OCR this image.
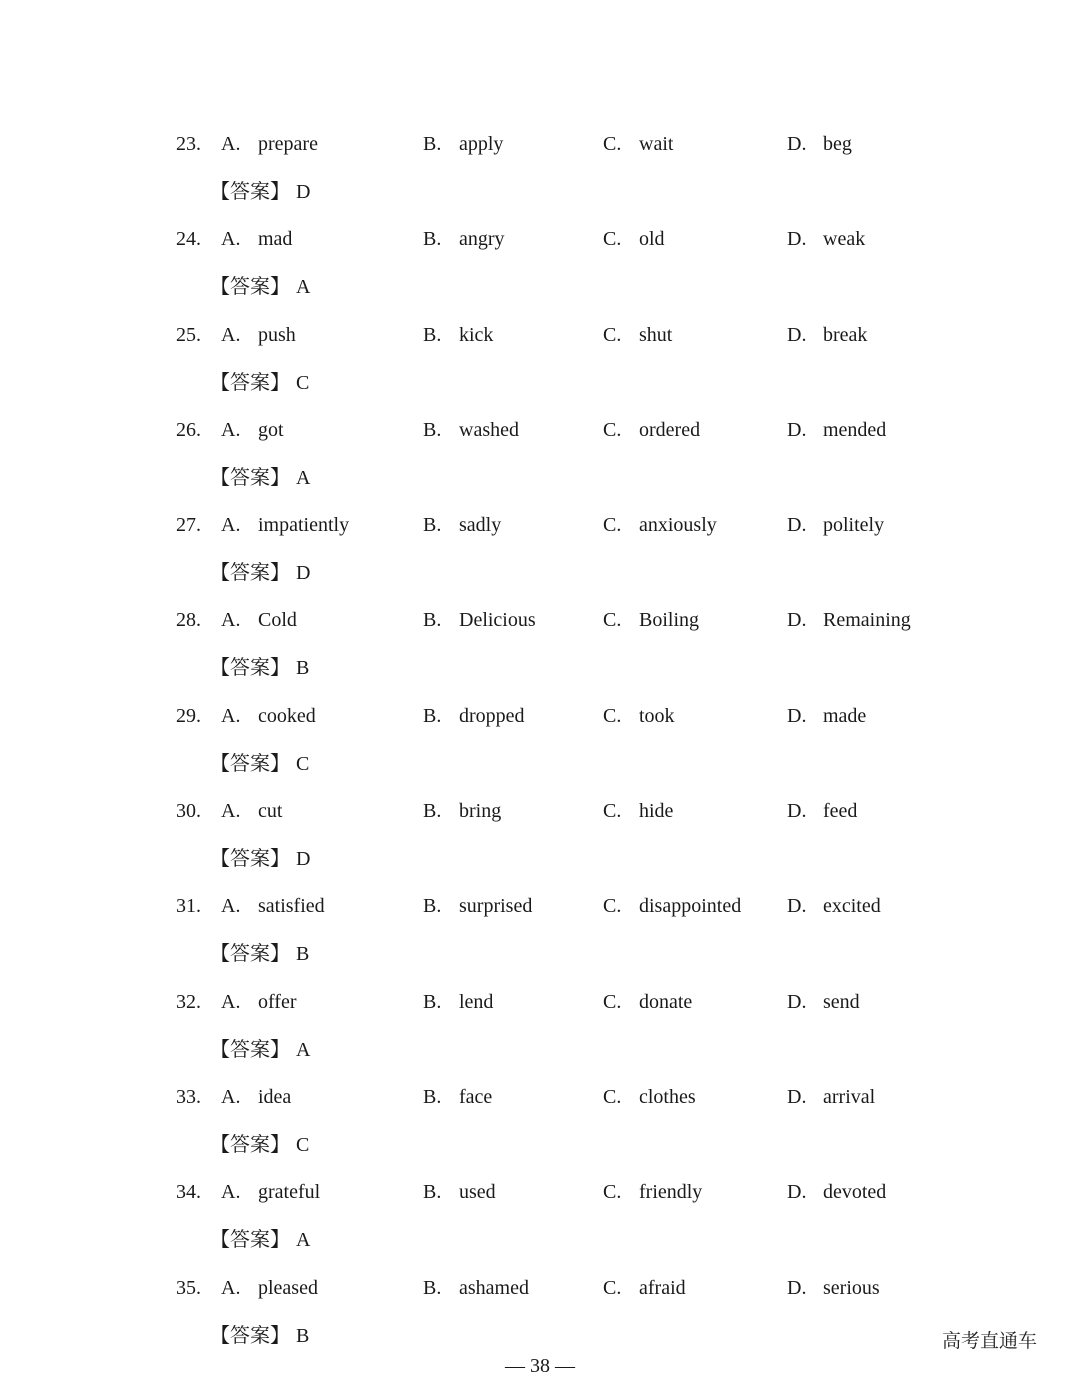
23. A. prepare	B. apply	C. wait	D. beg
【答案】 D
24. A. mad	B. angry	C. old	D. weak
【答案】 A
25. A. push	B. kick	C. shut	D. break
【答案】 C
26. A. got	B. washed	C. ordered	D. mended
【答案】 A
27. A. impatiently	B. sadly	C. anxiously	D. politely
【答案】 D
28. A. Cold	B. Delicious	C. Boiling	D. Remaining
【答案】 B
29. A. cooked	B. dropped	C. took	D. made
【答案】 C
30. A. cut	B. bring	C. hide	D. feed
【答案】 D
31. A. satisfied	B. surprised	C. disappointed D. excited
【答案】 B
32. A. offer	B. lend	C. donate	D. send
【答案】 A
33. A. idea	B. face	C. clothes	D. arrival
【答案】 C
34. A. grateful	B. used	C. friendly	D. devoted
【答案】 A
35. A. pleased	B. ashamed	C. afraid	D. serious
【答案】 B
— 38 —
高考直通车
